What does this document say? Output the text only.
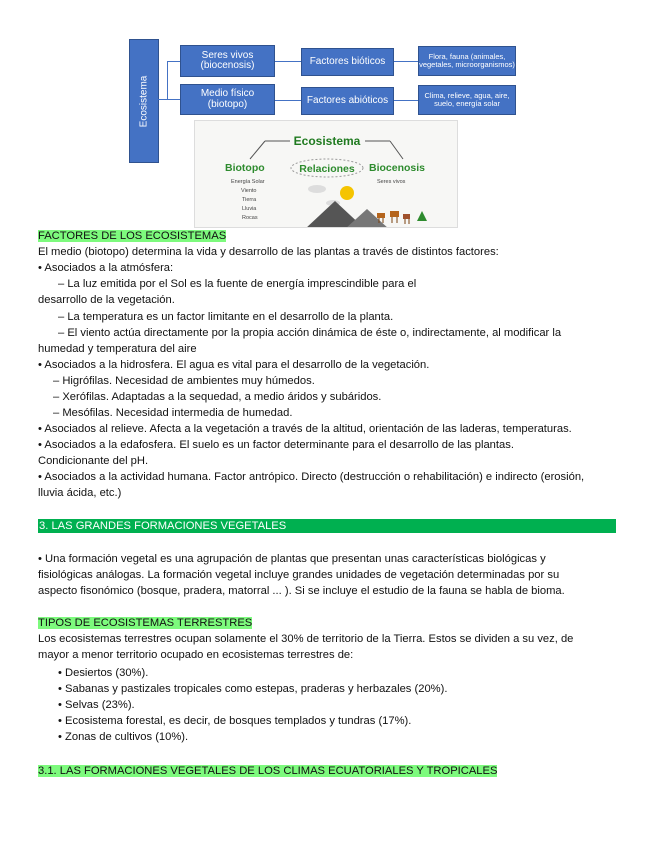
Ecosistema
Seres vivos (biocenosis)
Medio físico (biotopo)
Factores bióticos
Factores abióticos
Flora, fauna (animales, vegetales, microorganismos)
Clima, relieve, agua, aire, suelo, energía solar
Ecosistema
Biotopo	Relaciones Biocenosis
Energía Solar
Viento
Tierra
Lluvia
Rocas
Seres vivos
FACTORES DE LOS ECOSISTEMAS
El medio (biotopo) determina la vida y desarrollo de las plantas a través de distintos factores:
• Asociados a la atmósfera:
– La luz emitida por el Sol es la fuente de energía imprescindible para el
desarrollo de la vegetación.
– La temperatura es un factor limitante en el desarrollo de la planta.
– El viento actúa directamente por la propia acción dinámica de éste o, indirectamente, al modificar la
humedad y temperatura del aire
• Asociados a la hidrosfera. El agua es vital para el desarrollo de la vegetación.
– Higrófilas. Necesidad de ambientes muy húmedos.
– Xerófilas. Adaptadas a la sequedad, a medio áridos y subáridos.
– Mesófilas. Necesidad intermedia de humedad.
• Asociados al relieve. Afecta a la vegetación a través de la altitud, orientación de las laderas, temperaturas.
• Asociados a la edafosfera. El suelo es un factor determinante para el desarrollo de las plantas.
Condicionante del pH.
• Asociados a la actividad humana. Factor antrópico. Directo (destrucción o rehabilitación) e indirecto (erosión,
lluvia ácida, etc.)
3. LAS GRANDES FORMACIONES VEGETALES
• Una formación vegetal es una agrupación de plantas que presentan unas características biológicas y
fisiológicas análogas. La formación vegetal incluye grandes unidades de vegetación determinadas por su
aspecto fisonómico (bosque, pradera, matorral ... ). Si se incluye el estudio de la fauna se habla de bioma.
TIPOS DE ECOSISTEMAS TERRESTRES
Los ecosistemas terrestres ocupan solamente el 30% de territorio de la Tierra. Estos se dividen a su vez, de
mayor a menor territorio ocupado en ecosistemas terrestres de:
• Desiertos (30%).
• Sabanas y pastizales tropicales como estepas, praderas y herbazales (20%).
• Selvas (23%).
• Ecosistema forestal, es decir, de bosques templados y tundras (17%).
• Zonas de cultivos (10%).
3.1. LAS FORMACIONES VEGETALES DE LOS CLIMAS ECUATORIALES Y TROPICALES
